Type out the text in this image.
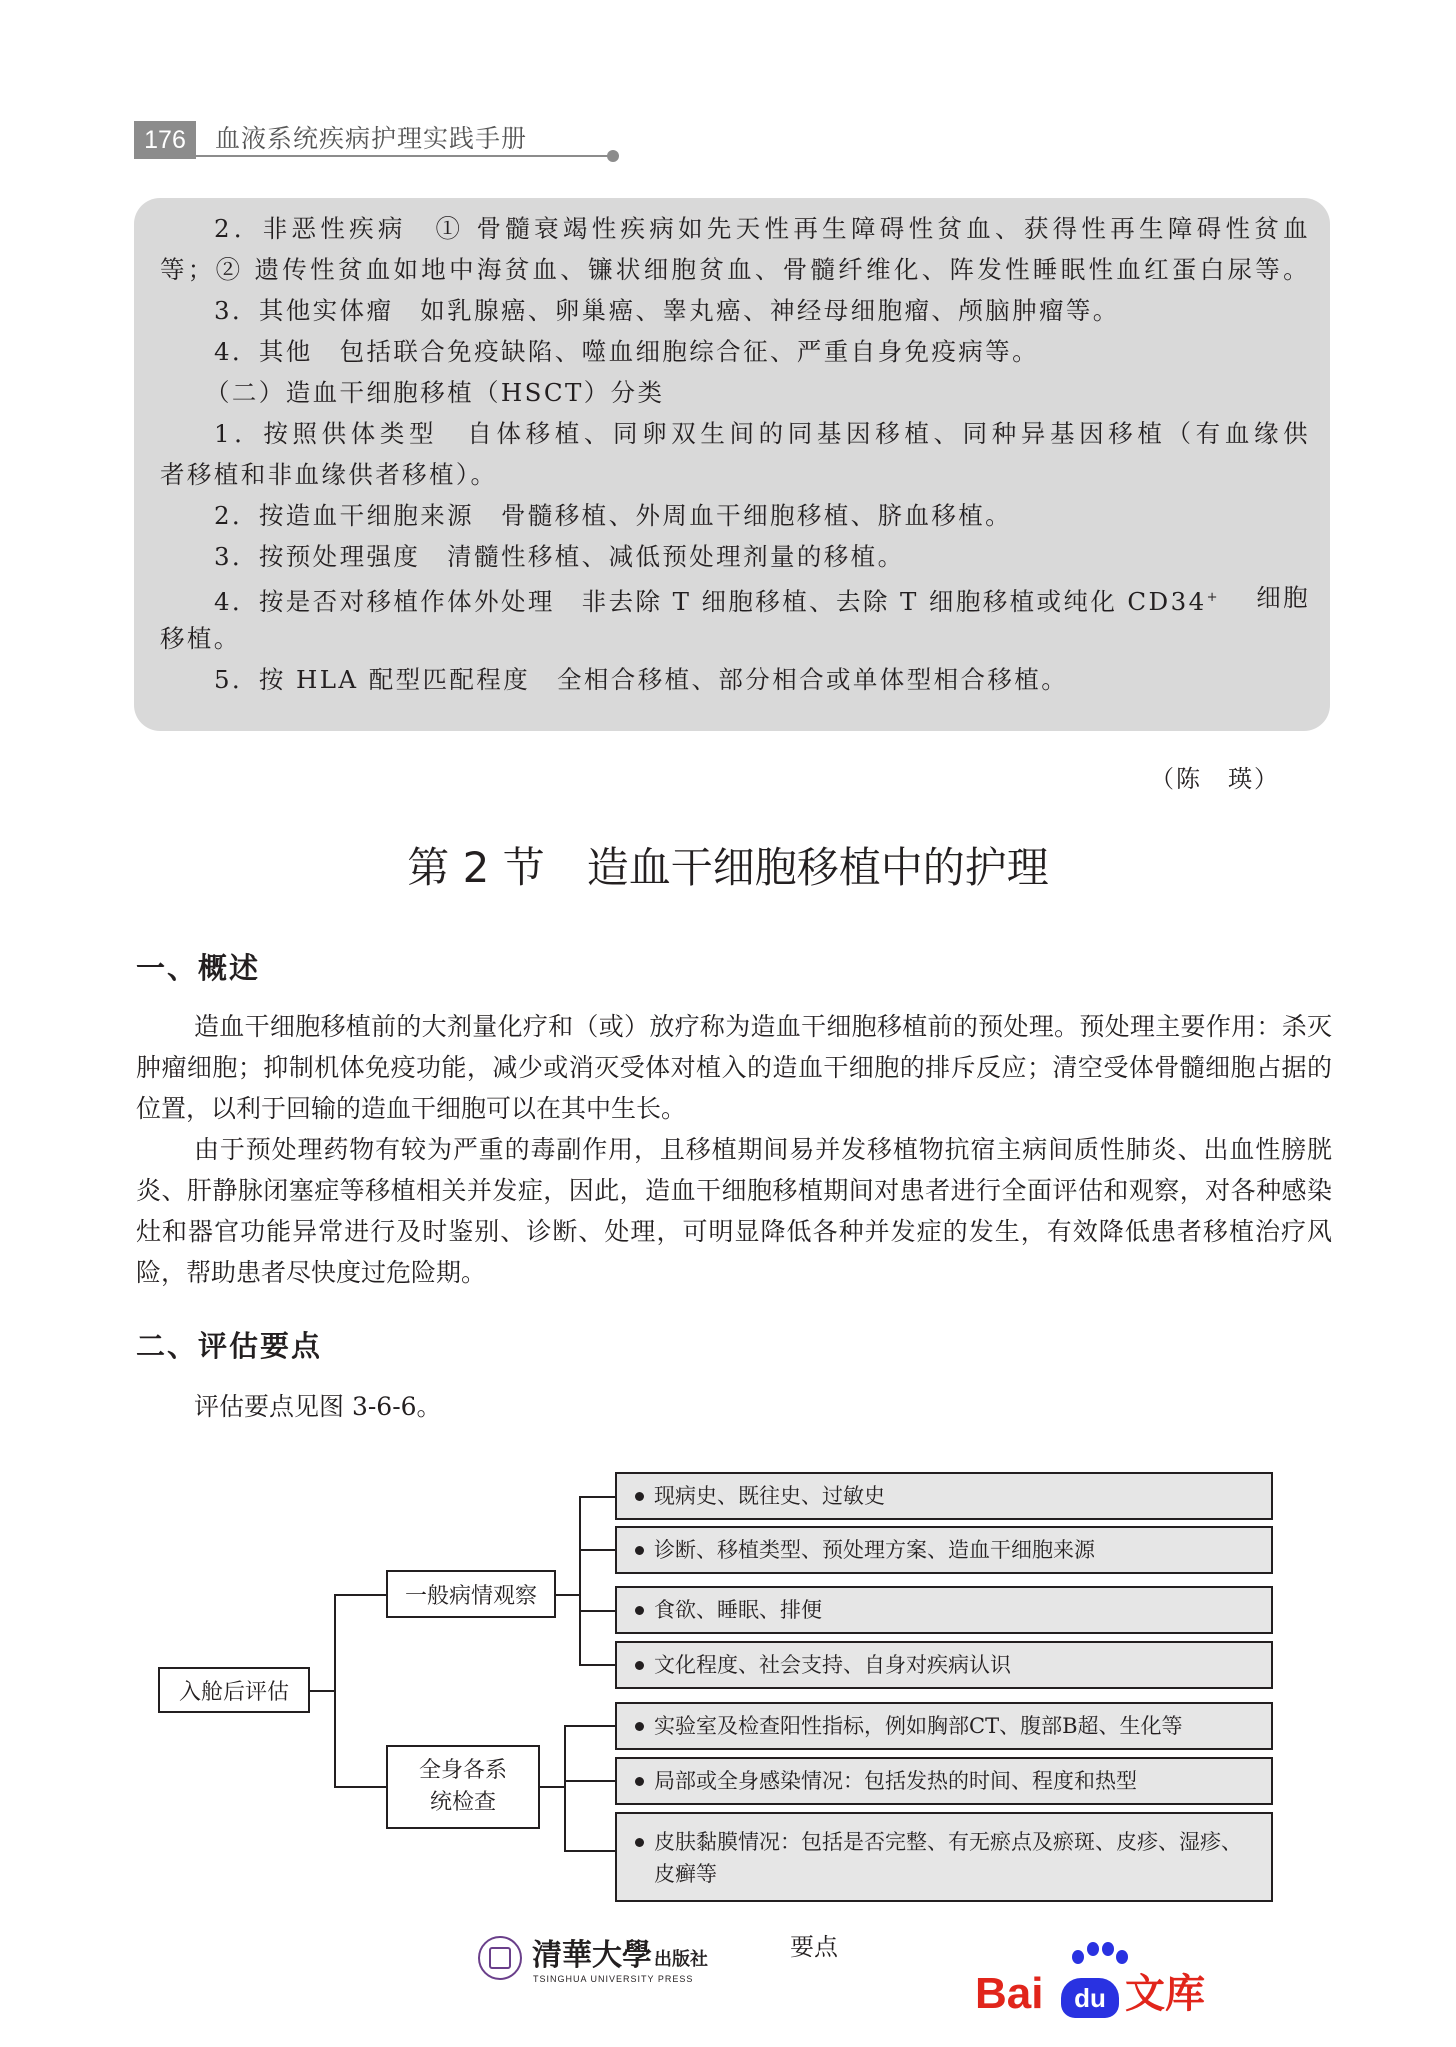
176	血液系统疾病护理实践手册
2．非恶性疾病　① 骨髓衰竭性疾病如先天性再生障碍性贫血、获得性再生障碍性贫血
等；② 遗传性贫血如地中海贫血、镰状细胞贫血、骨髓纤维化、阵发性睡眠性血红蛋白尿等。
3．其他实体瘤　如乳腺癌、卵巢癌、睾丸癌、神经母细胞瘤、颅脑肿瘤等。
4．其他　包括联合免疫缺陷、噬血细胞综合征、严重自身免疫病等。
（二）造血干细胞移植（HSCT）分类
1．按照供体类型　自体移植、同卵双生间的同基因移植、同种异基因移植（有血缘供
者移植和非血缘供者移植）。
2．按造血干细胞来源　骨髓移植、外周血干细胞移植、脐血移植。
3．按预处理强度　清髓性移植、减低预处理剂量的移植。
4．按是否对移植作体外处理　非去除 T 细胞移植、去除 T 细胞移植或纯化 CD34+ 细胞
移植。
5．按 HLA 配型匹配程度　全相合移植、部分相合或单体型相合移植。
（陈　瑛）
第 2 节　造血干细胞移植中的护理
一、概述

造血干细胞移植前的大剂量化疗和（或）放疗称为造血干细胞移植前的预处理。预处理主要作用：杀灭肿瘤细胞；抑制机体免疫功能，减少或消灭受体对植入的造血干细胞的排斥反应；清空受体骨髓细胞占据的位置，以利于回输的造血干细胞可以在其中生长。

由于预处理药物有较为严重的毒副作用，且移植期间易并发移植物抗宿主病间质性肺炎、出血性膀胱炎、肝静脉闭塞症等移植相关并发症，因此，造血干细胞移植期间对患者进行全面评估和观察，对各种感染灶和器官功能异常进行及时鉴别、诊断、处理，可明显降低各种并发症的发生，有效降低患者移植治疗风险，帮助患者尽快度过危险期。

二、评估要点

评估要点见图 3-6-6。

入舱后评估
一般病情观察
全身各系
统检查
现病史、既往史、过敏史
诊断、移植类型、预处理方案、造血干细胞来源
食欲、睡眠、排便
文化程度、社会支持、自身对疾病认识
实验室及检查阳性指标，例如胸部CT、腹部B超、生化等
局部或全身感染情况：包括发热的时间、程度和热型
皮肤黏膜情况：包括是否完整、有无瘀点及瘀斑、皮疹、湿疹、皮癣等
要点
清華大學 出版社
TSINGHUA UNIVERSITY PRESS	Bai	du 文库
